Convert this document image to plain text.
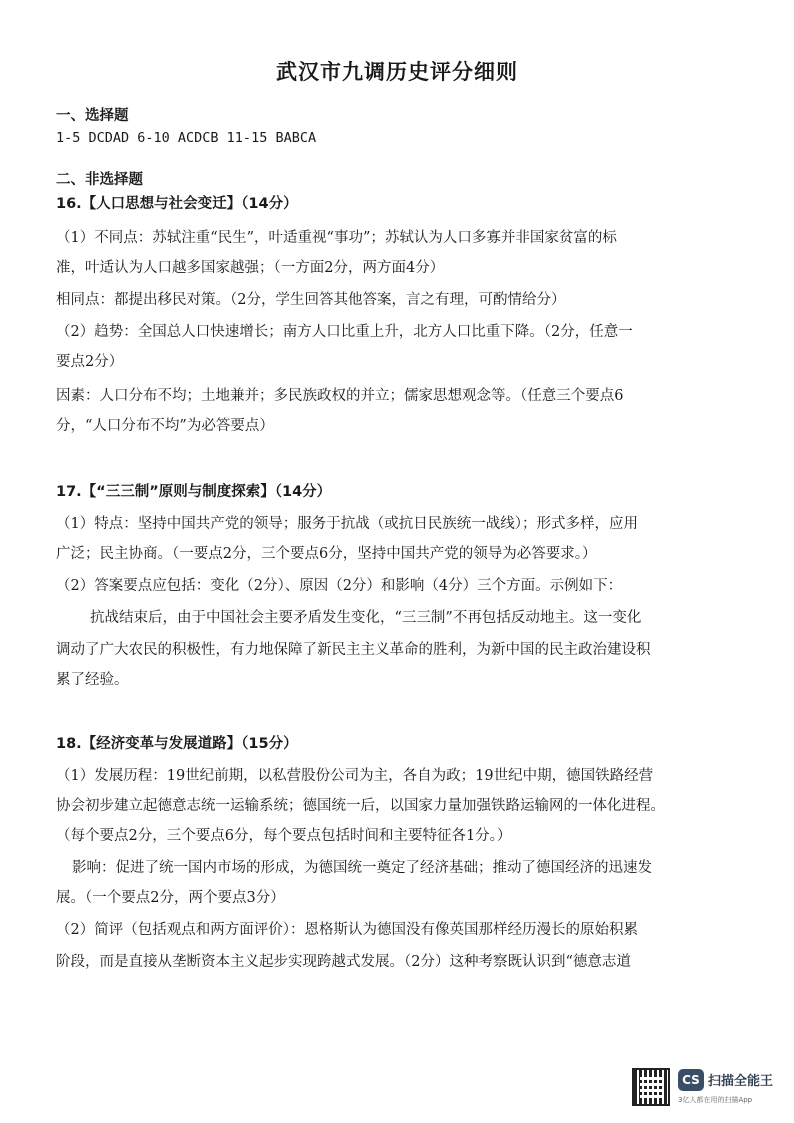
武汉市九调历史评分细则
一、选择题
1-5 DCDAD 6-10 ACDCB 11-15 BABCA
二、非选择题
16.【人口思想与社会变迁】（14分）
（1）不同点：苏轼注重“民生”，叶适重视“事功”；苏轼认为人口多寡并非国家贫富的标
准，叶适认为人口越多国家越强；（一方面2分，两方面4分）
相同点：都提出移民对策。（2分，学生回答其他答案，言之有理，可酌情给分）
（2）趋势：全国总人口快速增长；南方人口比重上升，北方人口比重下降。（2分，任意一
要点2分）
因素：人口分布不均；土地兼并；多民族政权的并立；儒家思想观念等。（任意三个要点6
分，“人口分布不均”为必答要点）
17.【“三三制”原则与制度探索】（14分）
（1）特点：坚持中国共产党的领导；服务于抗战（或抗日民族统一战线）；形式多样，应用
广泛；民主协商。（一要点2分，三个要点6分，坚持中国共产党的领导为必答要求。）
（2）答案要点应包括：变化（2分）、原因（2分）和影响（4分）三个方面。示例如下：
抗战结束后，由于中国社会主要矛盾发生变化，“三三制”不再包括反动地主。这一变化
调动了广大农民的积极性，有力地保障了新民主主义革命的胜利，为新中国的民主政治建设积
累了经验。
18.【经济变革与发展道路】（15分）
（1）发展历程：19世纪前期，以私营股份公司为主，各自为政；19世纪中期，德国铁路经营
协会初步建立起德意志统一运输系统；德国统一后，以国家力量加强铁路运输网的一体化进程。
（每个要点2分，三个要点6分，每个要点包括时间和主要特征各1分。）
影响：促进了统一国内市场的形成，为德国统一奠定了经济基础；推动了德国经济的迅速发
展。（一个要点2分，两个要点3分）
（2）简评（包括观点和两方面评价）：恩格斯认为德国没有像英国那样经历漫长的原始积累
阶段，而是直接从垄断资本主义起步实现跨越式发展。（2分）这种考察既认识到“德意志道
CS 扫描全能王
3亿人都在用的扫描App
